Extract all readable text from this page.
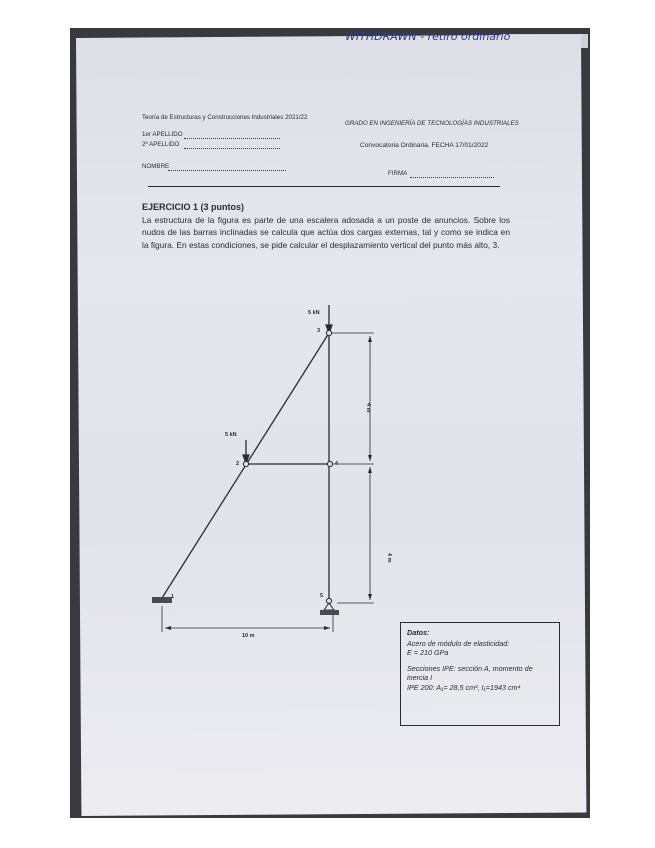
WITHDRAWN - retiro ordinario
Teoría de Estructuras y Construcciones Industriales 2021/22
GRADO EN INGENIERÍA DE TECNOLOGÍAS INDUSTRIALES
1er APELLIDO
2º APELLIDO	Convocatoria Ordinaria. FECHA 17/01/2022
NOMBRE
FIRMA
EJERCICIO 1 (3 puntos)
La estructura de la figura es parte de una escalera adosada a un poste de anuncios. Sobre los nudos de las barras inclinadas se calcula que actúa dos cargas externas, tal y como se indica en la figura. En estas condiciones, se pide calcular el desplazamiento vertical del punto más alto, 3.
5 kN
5 kN
3
2	4
1	5
4 m
4 m
10 m	Datos:
Acero de módulo de elasticidad:
E = 210 GPa
Secciones IPE: sección A, momento de inercia I
IPE 200: A₁= 28,5 cm², I₁=1943 cm⁴
